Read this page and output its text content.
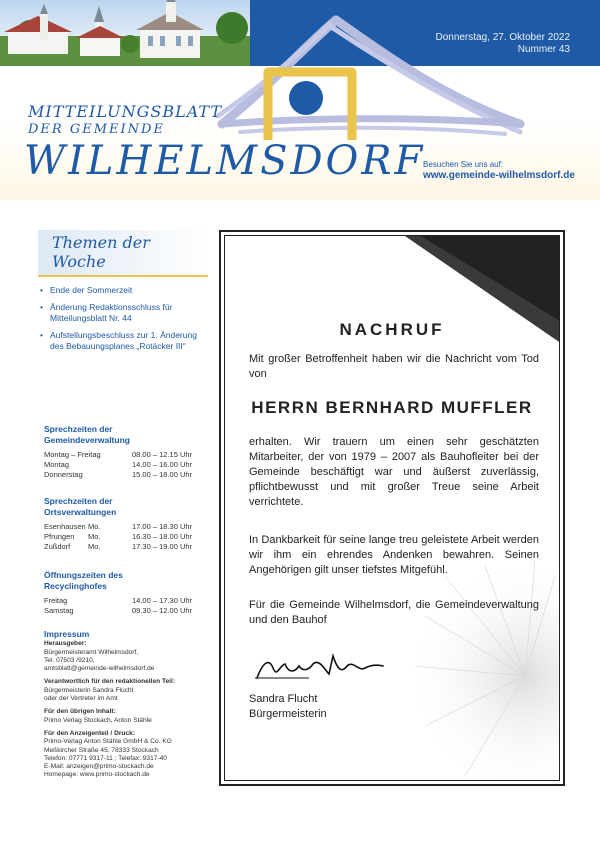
Donnerstag, 27. Oktober 2022
Nummer 43
MITTEILUNGSBLATT
DER GEMEINDE
WILHELMSDORF
Besuchen Sie uns auf:
www.gemeinde-wilhelmsdorf.de
Themen der Woche
• Ende der Sommerzeit
• Änderung Redaktionsschluss für Mitteilungsblatt Nr. 44
• Aufstellungsbeschluss zur 1. Änderung des Bebauungsplanes „Rotäcker III“
Sprechzeiten der Gemeindeverwaltung
Montag – Freitag	08.00 – 12.15 Uhr
Montag	14.00 – 16.00 Uhr
Donnerstag	15.00 – 18.00 Uhr
Sprechzeiten der Ortsverwaltungen
Esenhausen Mo.	17.00 – 18.30 Uhr
Pfrungen	Mo.	16.30 – 18.00 Uhr
Zußdorf	Mo.	17.30 – 19.00 Uhr
Öffnungszeiten des Recyclinghofes
Freitag	14.00 – 17.30 Uhr
Samstag	09.30 – 12.00 Uhr
Impressum
Herausgeber:
Bürgermeisteramt Wilhelmsdorf,
Tel. 07503 /9210,
amtsblatt@gemeinde-wilhelmsdorf.de
Verantwortlich für den redaktionellen Teil:
Bürgermeisterin Sandra Flucht
oder der Vertreter im Amt
Für den übrigen Inhalt:
Primo Verlag Stockach, Anton Stähle
Für den Anzeigenteil / Druck:
Primo-Verlag Anton Stähle GmbH & Co. KG
Meßkircher Straße 45, 78333 Stockach
Telefon: 07771 9317-11 ; Telefax: 9317-40
E-Mail: anzeigen@primo-stockach.de
Homepage: www.primo-stockach.de
NACHRUF
Mit großer Betroffenheit haben wir die Nachricht vom Tod von
HERRN BERNHARD MUFFLER
erhalten. Wir trauern um einen sehr geschätzten Mitarbeiter, der von 1979 – 2007 als Bauhofleiter bei der Gemeinde beschäftigt war und äußerst zuverlässig, pflichtbewusst und mit großer Treue seine Arbeit verrichtete.
In Dankbarkeit für seine lange treu geleistete Arbeit werden wir ihm ein ehrendes Andenken bewahren. Seinen Angehörigen gilt unser tiefstes Mitgefühl.
Für die Gemeinde Wilhelmsdorf, die Gemeindeverwaltung und den Bauhof
Sandra Flucht
Bürgermeisterin
